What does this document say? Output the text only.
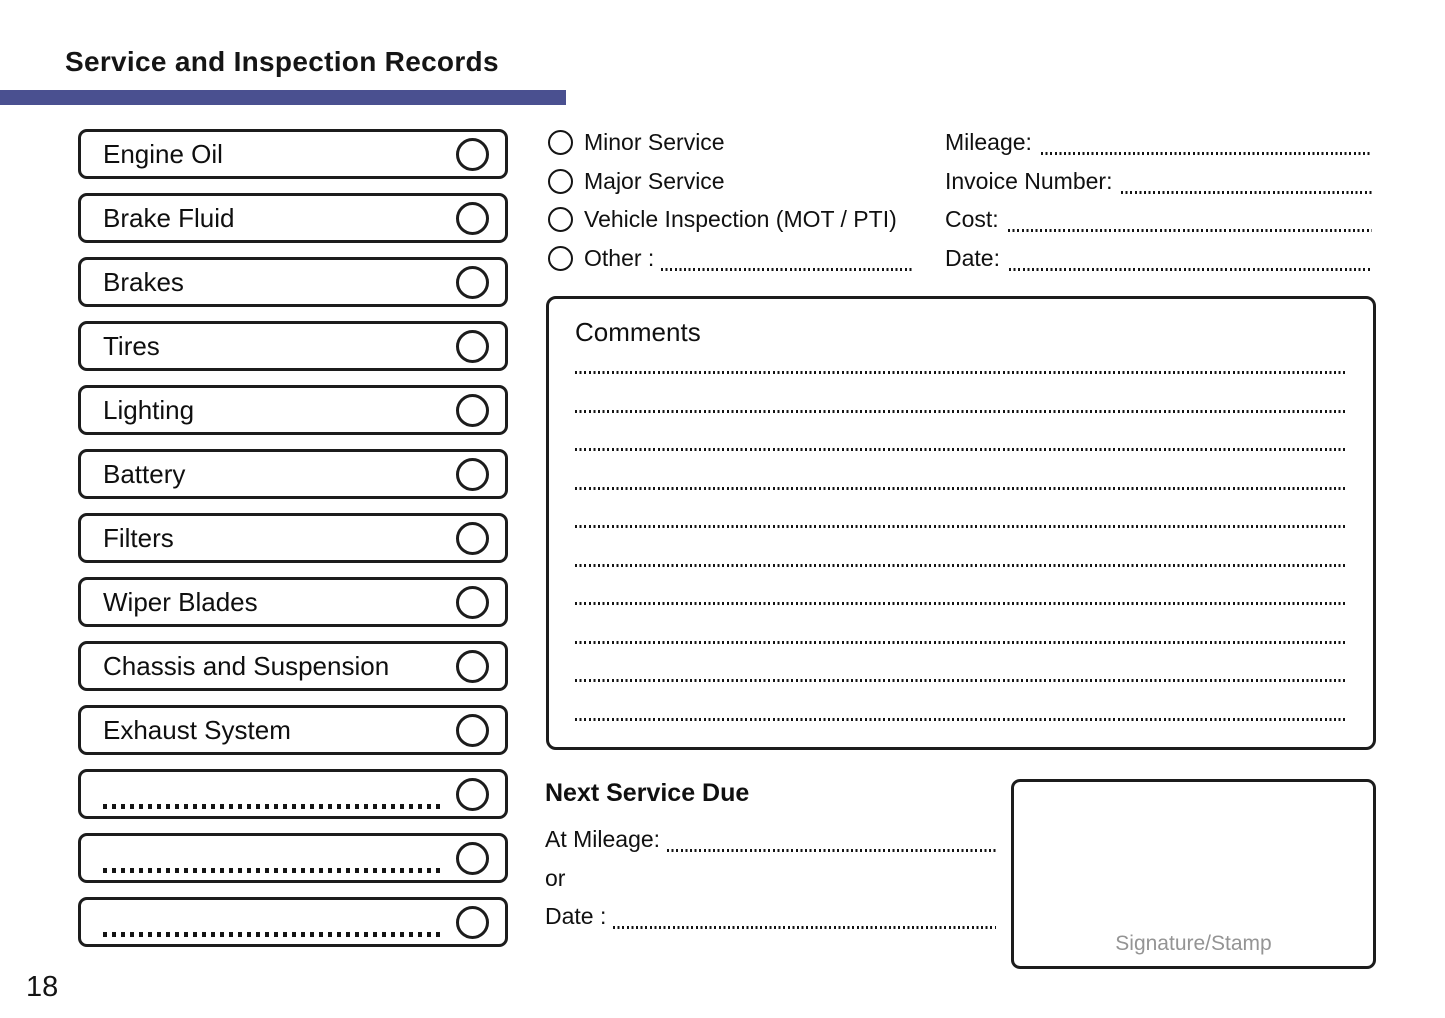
Service and Inspection Records
Engine Oil
Brake Fluid
Brakes
Tires
Lighting
Battery
Filters
Wiper Blades
Chassis and Suspension
Exhaust System
Minor Service
Major Service
Vehicle Inspection (MOT / PTI)
Other :
Mileage:
Invoice Number:
Cost:
Date:
Comments
Next Service Due
At Mileage:
or
Date :
Signature/Stamp
18
